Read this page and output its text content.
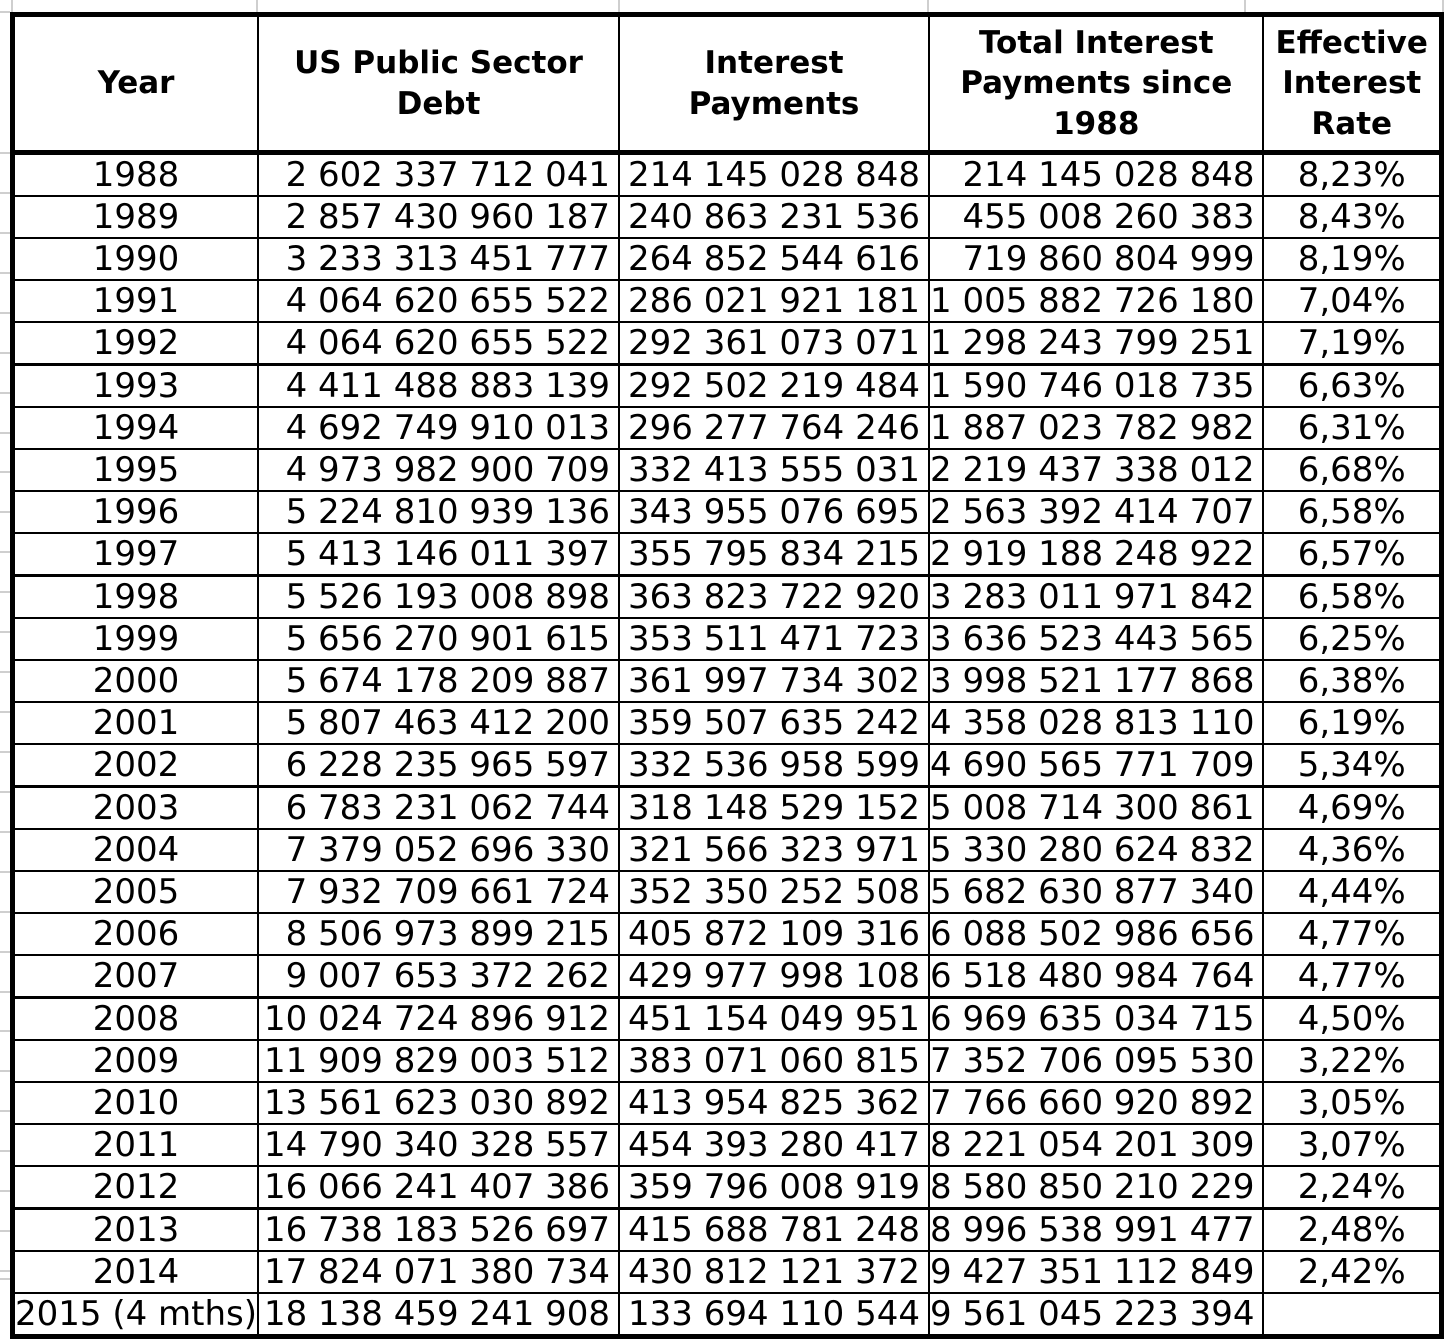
Year	US Public Sector Debt	Interest Payments	Total Interest Payments since 1988	Effective Interest Rate
1988	2 602 337 712 041	214 145 028 848	214 145 028 848	8,23%
1989	2 857 430 960 187	240 863 231 536	455 008 260 383	8,43%
1990	3 233 313 451 777	264 852 544 616	719 860 804 999	8,19%
1991	4 064 620 655 522	286 021 921 181	1 005 882 726 180	7,04%
1992	4 064 620 655 522	292 361 073 071	1 298 243 799 251	7,19%
1993	4 411 488 883 139	292 502 219 484	1 590 746 018 735	6,63%
1994	4 692 749 910 013	296 277 764 246	1 887 023 782 982	6,31%
1995	4 973 982 900 709	332 413 555 031	2 219 437 338 012	6,68%
1996	5 224 810 939 136	343 955 076 695	2 563 392 414 707	6,58%
1997	5 413 146 011 397	355 795 834 215	2 919 188 248 922	6,57%
1998	5 526 193 008 898	363 823 722 920	3 283 011 971 842	6,58%
1999	5 656 270 901 615	353 511 471 723	3 636 523 443 565	6,25%
2000	5 674 178 209 887	361 997 734 302	3 998 521 177 868	6,38%
2001	5 807 463 412 200	359 507 635 242	4 358 028 813 110	6,19%
2002	6 228 235 965 597	332 536 958 599	4 690 565 771 709	5,34%
2003	6 783 231 062 744	318 148 529 152	5 008 714 300 861	4,69%
2004	7 379 052 696 330	321 566 323 971	5 330 280 624 832	4,36%
2005	7 932 709 661 724	352 350 252 508	5 682 630 877 340	4,44%
2006	8 506 973 899 215	405 872 109 316	6 088 502 986 656	4,77%
2007	9 007 653 372 262	429 977 998 108	6 518 480 984 764	4,77%
2008	10 024 724 896 912	451 154 049 951	6 969 635 034 715	4,50%
2009	11 909 829 003 512	383 071 060 815	7 352 706 095 530	3,22%
2010	13 561 623 030 892	413 954 825 362	7 766 660 920 892	3,05%
2011	14 790 340 328 557	454 393 280 417	8 221 054 201 309	3,07%
2012	16 066 241 407 386	359 796 008 919	8 580 850 210 229	2,24%
2013	16 738 183 526 697	415 688 781 248	8 996 538 991 477	2,48%
2014	17 824 071 380 734	430 812 121 372	9 427 351 112 849	2,42%
2015 (4 mths)	18 138 459 241 908	133 694 110 544	9 561 045 223 394	
